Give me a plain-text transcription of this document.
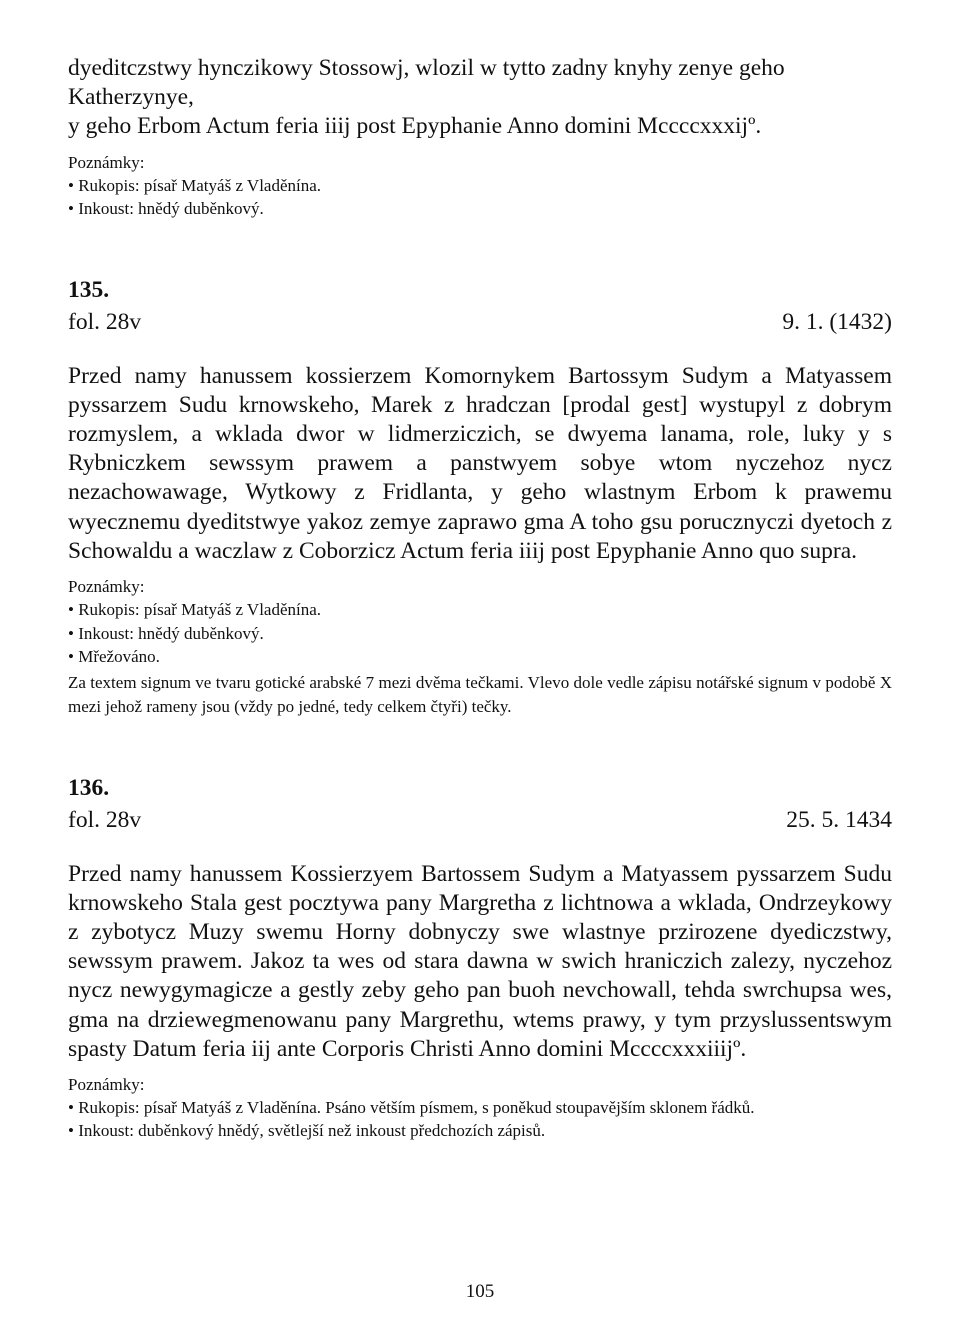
dyeditczstwy hynczikowy Stossowj, wlozil w tytto zadny knyhy zenye geho Katherzynye,

y geho Erbom Actum feria iiij post Epyphanie Anno domini Mccccxxxijº.

Poznámky:

• Rukopis: písař Matyáš z Vladěnína.
• Inkoust: hnědý duběnkový.

135.

fol. 28v	9. 1. (1432)

Przed namy hanussem kossierzem Komornykem Bartossym Sudym a Matyassem pyssarzem Sudu krnowskeho, Marek z hradczan [prodal gest] wystupyl z dobrym rozmyslem, a wklada dwor w lidmerziczich, se dwyema lanama, role, luky y s Rybniczkem sewssym prawem a panstwyem sobye wtom nyczehoz nycz nezachowawage, Wytkowy z Fridlanta, y geho wlastnym Erbom k prawemu wyecznemu dyeditstwye yakoz zemye zaprawo gma A toho gsu porucznyczi dyetoch z Schowaldu a waczlaw z Coborzicz Actum feria iiij post Epyphanie Anno quo supra.

Poznámky:

• Rukopis: písař Matyáš z Vladěnína.
• Inkoust: hnědý duběnkový.
• Mřežováno.

Za textem signum ve tvaru gotické arabské 7 mezi dvěma tečkami. Vlevo dole vedle zápisu notářské signum v podobě X mezi jehož rameny jsou (vždy po jedné, tedy celkem čtyři) tečky.

136.

fol. 28v	25. 5. 1434

Przed namy hanussem Kossierzyem Bartossem Sudym a Matyassem pyssarzem Sudu krnowskeho Stala gest pocztywa pany Margretha z lichtnowa a wklada, Ondrzeykowy z zybotycz Muzy swemu Horny dobnyczy swe wlastnye przirozene dyediczstwy, sewssym prawem. Jakoz ta wes od stara dawna w swich hraniczich zalezy, nyczehoz nycz newygymagicze a gestly zeby geho pan buoh nevchowall, tehda swrchupsa wes, gma na drziewegmenowanu pany Margrethu, wtems prawy, y tym przyslussentswym spasty Datum feria iij ante Corporis Christi Anno domini Mccccxxxiiijº.

Poznámky:

• Rukopis: písař Matyáš z Vladěnína. Psáno větším písmem, s poněkud stoupavějším sklonem řádků.
• Inkoust: duběnkový hnědý, světlejší než inkoust předchozích zápisů.
105
